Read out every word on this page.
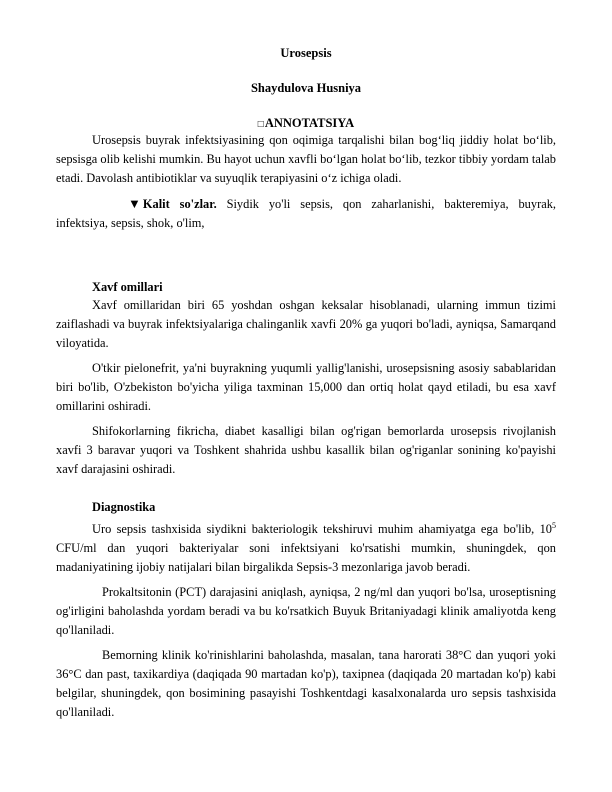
Urosepsis
Shaydulova Husniya
□ANNOTATSIYA

Urosepsis buyrak infektsiyasining qon oqimiga tarqalishi bilan bog‘liq jiddiy holat bo‘lib, sepsisga olib kelishi mumkin. Bu hayot uchun xavfli bo‘lgan holat bo‘lib, tezkor tibbiy yordam talab etadi. Davolash antibiotiklar va suyuqlik terapiyasini o‘z ichiga oladi.

▼ Kalit so'zlar. Siydik yo'li sepsis, qon zaharlanishi, bakteremiya, buyrak, infektsiya, sepsis, shok, o'lim,

Xavf omillari

Xavf omillaridan biri 65 yoshdan oshgan keksalar hisoblanadi, ularning immun tizimi zaiflashadi va buyrak infektsiyalariga chalinganlik xavfi 20% ga yuqori bo'ladi, ayniqsa, Samarqand viloyatida.

O'tkir pielonefrit, ya'ni buyrakning yuqumli yallig'lanishi, urosepsisning asosiy sabablaridan biri bo'lib, O'zbekiston bo'yicha yiliga taxminan 15,000 dan ortiq holat qayd etiladi, bu esa xavf omillarini oshiradi.

Shifokorlarning fikricha, diabet kasalligi bilan og'rigan bemorlarda urosepsis rivojlanish xavfi 3 baravar yuqori va Toshkent shahrida ushbu kasallik bilan og'riganlar sonining ko'payishi xavf darajasini oshiradi.

Diagnostika

Uro sepsis tashxisida siydikni bakteriologik tekshiruvi muhim ahamiyatga ega bo'lib, $10^5$ CFU/ml dan yuqori bakteriyalar soni infektsiyani ko'rsatishi mumkin, shuningdek, qon madaniyatining ijobiy natijalari bilan birgalikda Sepsis-3 mezonlariga javob beradi.

Prokaltsitonin (PCT) darajasini aniqlash, ayniqsa, 2 ng/ml dan yuqori bo'lsa, uroseptisning og'irligini baholashda yordam beradi va bu ko'rsatkich Buyuk Britaniyadagi klinik amaliyotda keng qo'llaniladi.

Bemorning klinik ko'rinishlarini baholashda, masalan, tana harorati 38°C dan yuqori yoki 36°C dan past, taxikardiya (daqiqada 90 martadan ko'p), taxipnea (daqiqada 20 martadan ko'p) kabi belgilar, shuningdek, qon bosimining pasayishi Toshkentdagi kasalxonalarda uro sepsis tashxisida qo'llaniladi.
